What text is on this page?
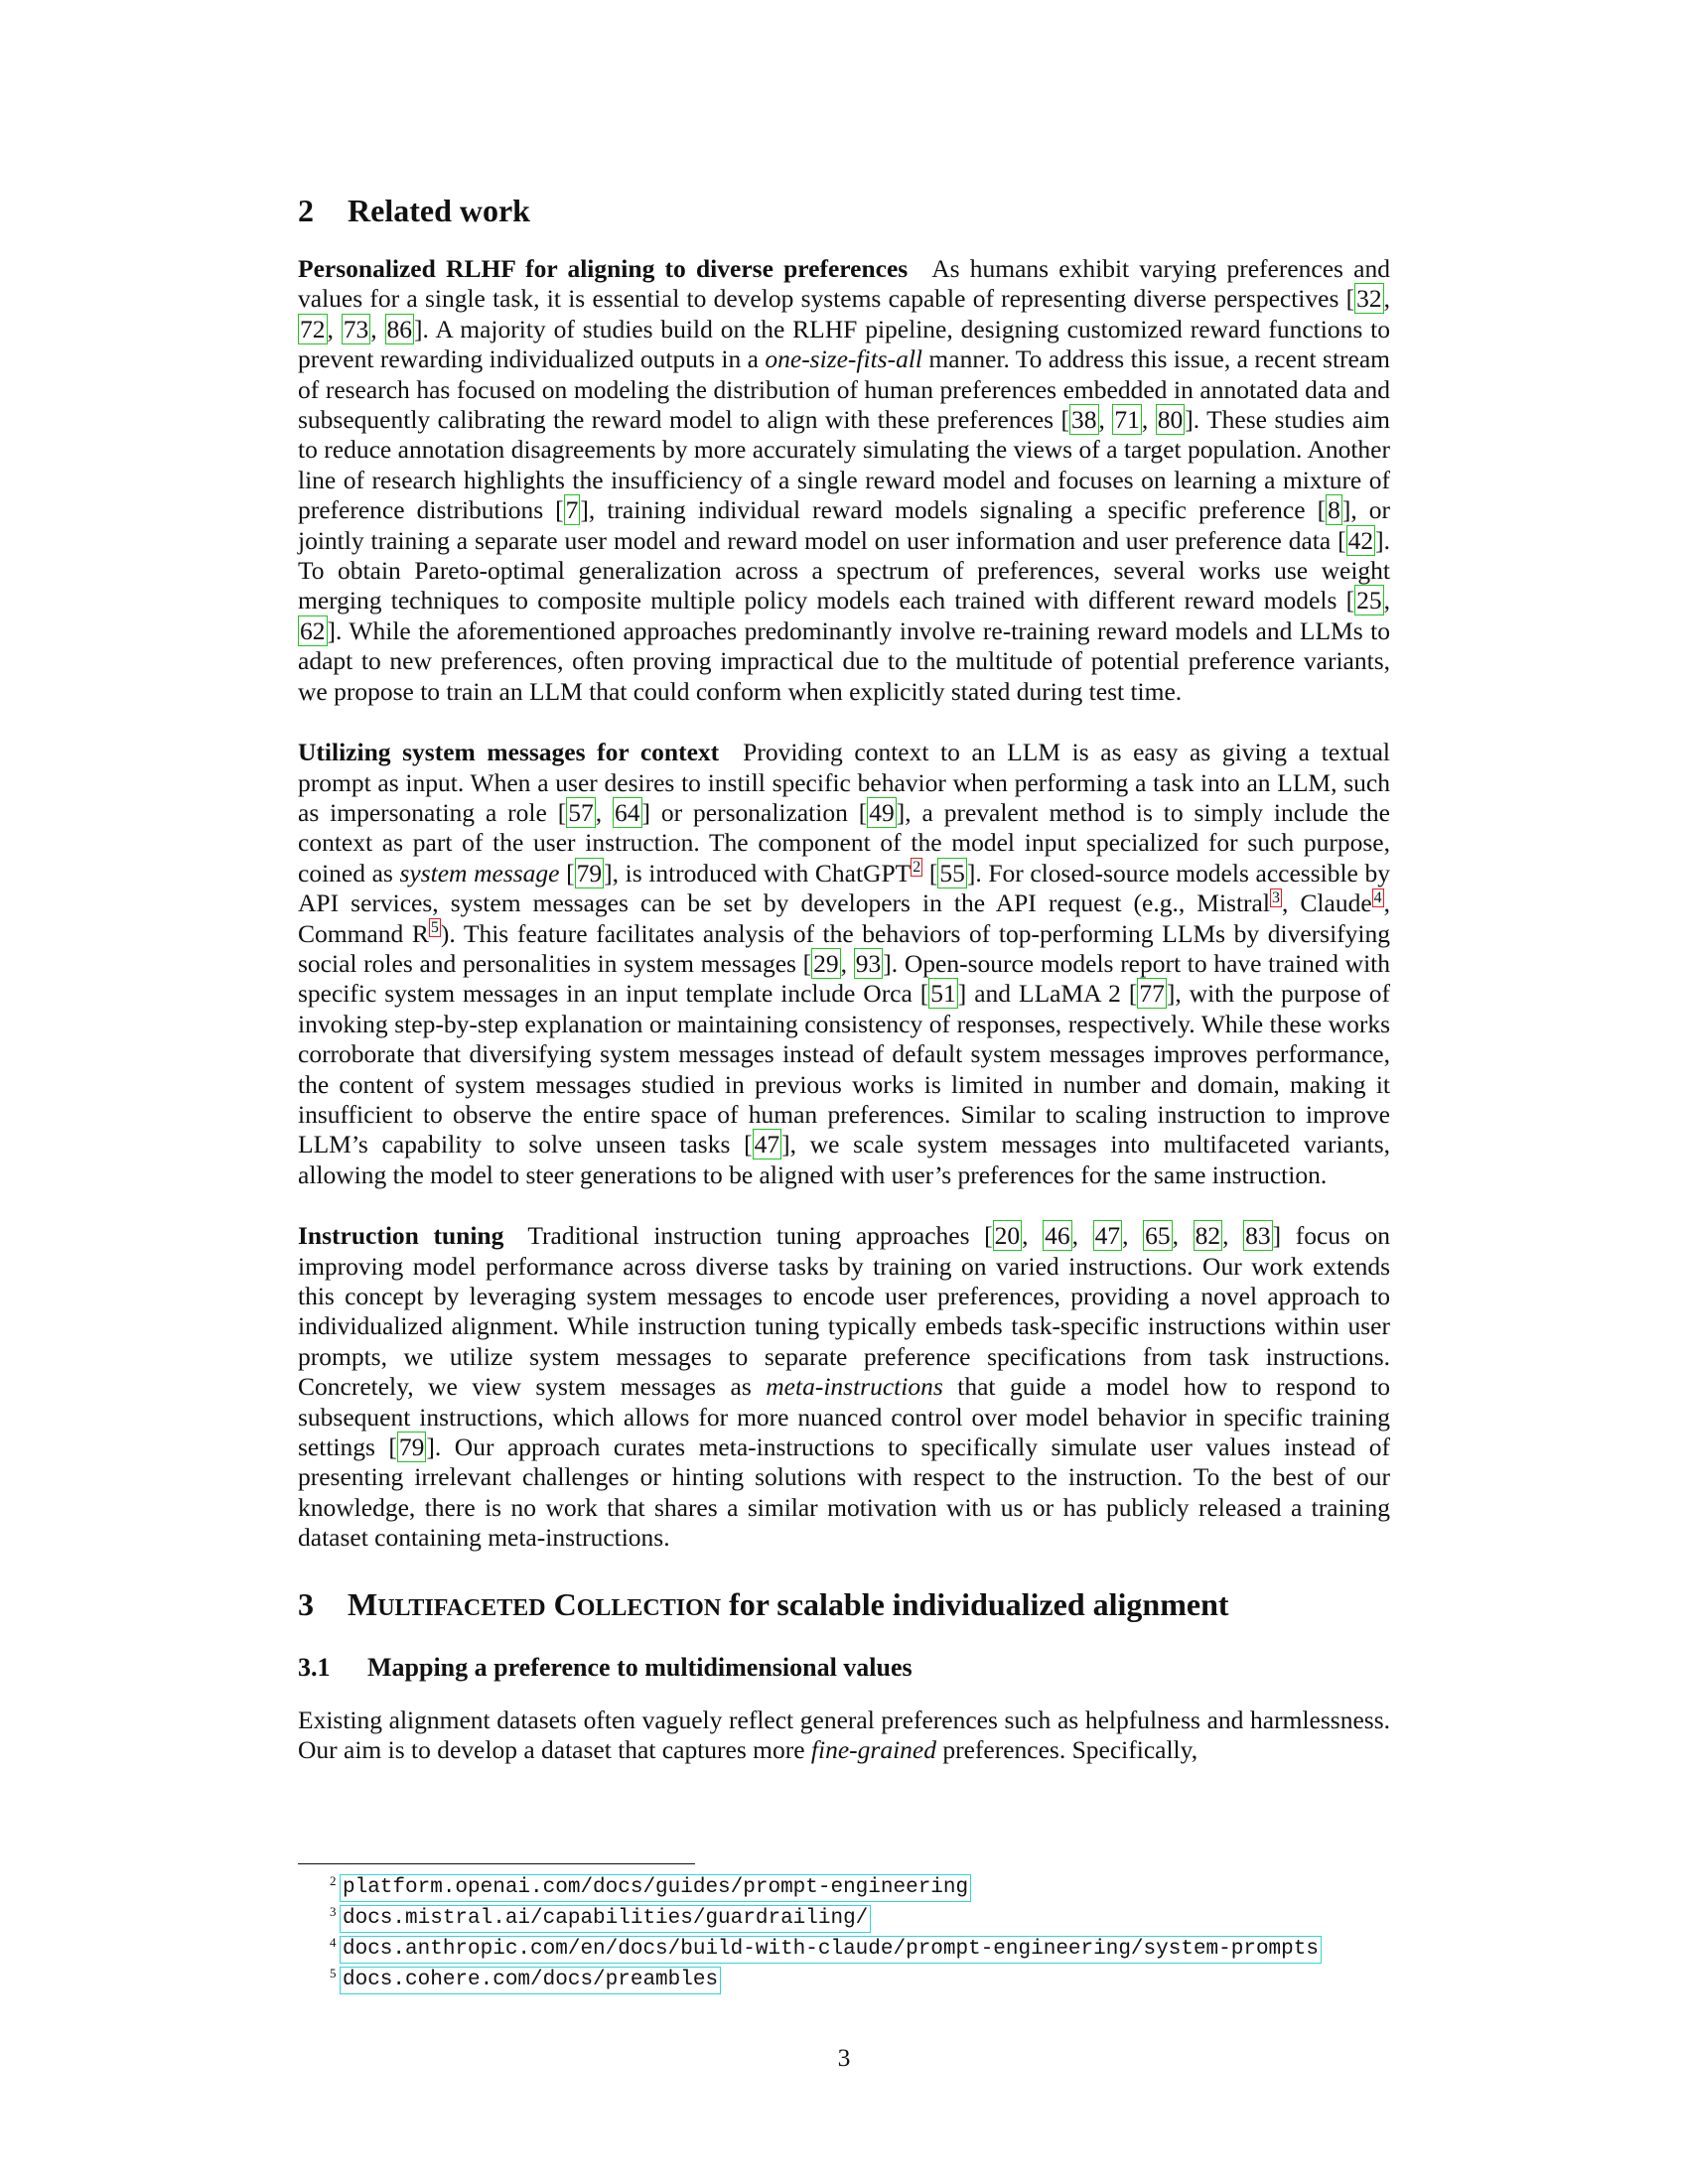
2 Related work

Personalized RLHF for aligning to diverse preferences As humans exhibit varying preferences and values for a single task, it is essential to develop systems capable of representing diverse perspectives [32, 72, 73, 86]. A majority of studies build on the RLHF pipeline, designing customized reward functions to prevent rewarding individualized outputs in a one-size-fits-all manner. To address this issue, a recent stream of research has focused on modeling the distribution of human preferences embedded in annotated data and subsequently calibrating the reward model to align with these preferences [38, 71, 80]. These studies aim to reduce annotation disagreements by more accurately simulating the views of a target population. Another line of research highlights the insufficiency of a single reward model and focuses on learning a mixture of preference distributions [7], training individual reward models signaling a specific preference [8], or jointly training a separate user model and reward model on user information and user preference data [42]. To obtain Pareto-optimal generalization across a spectrum of preferences, several works use weight merging techniques to composite multiple policy models each trained with different reward models [25, 62]. While the aforementioned approaches predominantly involve re-training reward models and LLMs to adapt to new preferences, often proving impractical due to the multitude of potential preference variants, we propose to train an LLM that could conform when explicitly stated during test time.

Utilizing system messages for context Providing context to an LLM is as easy as giving a textual prompt as input. When a user desires to instill specific behavior when performing a task into an LLM, such as impersonating a role [57, 64] or personalization [49], a prevalent method is to simply include the context as part of the user instruction. The component of the model input specialized for such purpose, coined as system message [79], is introduced with ChatGPT $^2$ [55]. For closed-source models accessible by API services, system messages can be set by developers in the API request (e.g., Mistral $^3$, Claude $^4$, Command R $^5$). This feature facilitates analysis of the behaviors of top-performing LLMs by diversifying social roles and personalities in system messages [29, 93]. Open-source models report to have trained with specific system messages in an input template include Orca [51] and LLaMA 2 [77], with the purpose of invoking step-by-step explanation or maintaining consistency of responses, respectively. While these works corroborate that diversifying system messages instead of default system messages improves performance, the content of system messages studied in previous works is limited in number and domain, making it insufficient to observe the entire space of human preferences. Similar to scaling instruction to improve LLM’s capability to solve unseen tasks [47], we scale system messages into multifaceted variants, allowing the model to steer generations to be aligned with user’s preferences for the same instruction.

Instruction tuning Traditional instruction tuning approaches [20, 46, 47, 65, 82, 83] focus on improving model performance across diverse tasks by training on varied instructions. Our work extends this concept by leveraging system messages to encode user preferences, providing a novel approach to individualized alignment. While instruction tuning typically embeds task-specific instructions within user prompts, we utilize system messages to separate preference specifications from task instructions. Concretely, we view system messages as meta-instructions that guide a model how to respond to subsequent instructions, which allows for more nuanced control over model behavior in specific training settings [79]. Our approach curates meta-instructions to specifically simulate user values instead of presenting irrelevant challenges or hinting solutions with respect to the instruction. To the best of our knowledge, there is no work that shares a similar motivation with us or has publicly released a training dataset containing meta-instructions.

3 MULTIFACETED COLLECTION for scalable individualized alignment
3.1 Mapping a preference to multidimensional values

Existing alignment datasets often vaguely reflect general preferences such as helpfulness and harmlessness. Our aim is to develop a dataset that captures more fine-grained preferences. Specifically,

2 platform.openai.com/docs/guides/prompt-engineering
3 docs.mistral.ai/capabilities/guardrailing/
4 docs.anthropic.com/en/docs/build-with-claude/prompt-engineering/system-prompts
5 docs.cohere.com/docs/preambles
3
